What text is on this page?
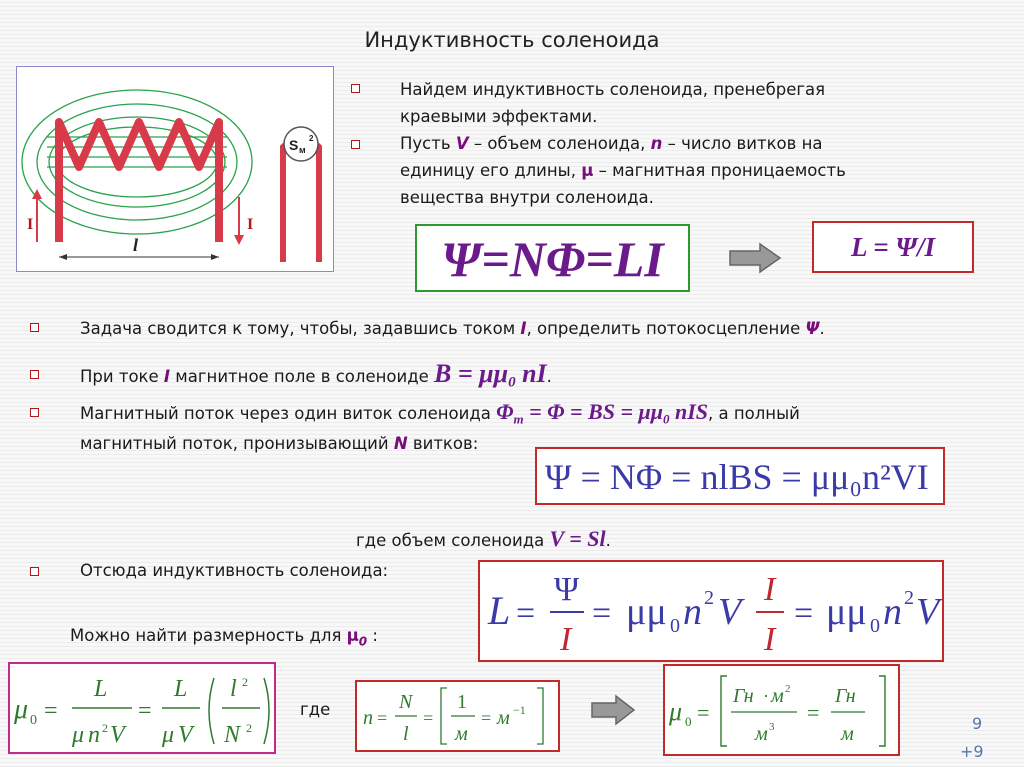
Индуктивность соленоида
I	I
l
S м
2
Найдем индуктивность соленоида, пренебрегая
краевыми эффектами.
Пусть V – объем соленоида, n – число витков на
единицу его длины, μ – магнитная проницаемость
вещества внутри соленоида.
Ψ=NΦ=LI	L = Ψ/I
Задача сводится к тому, чтобы, задавшись током I, определить потокосцепление Ψ.
При токе I магнитное поле в соленоиде $B = \mu\mu_0$ nI.
Магнитный поток через один виток соленоида $\Phi_m = \Phi$ = BS = $\mu\mu_0$ nIS, а полный
магнитный поток, пронизывающий N витков:
Ψ = NΦ = nlBS = μμ₀n²VI
где объем соленоида V = Sl.
Отсюда индуктивность соленоида:
L =
Ψ
I
= μμ 0 n 2 V
I
I
= μμ 0 n 2 V
Можно найти размерность для $\mu_0$ :
μ 0 =
L
μ n 2 V
=
L
μ V
l 2
N 2
где n =
N
l
=
1
м
= м −1	μ 0 =
Гн · м 2
м 3
=
Гн
м	9
+9
